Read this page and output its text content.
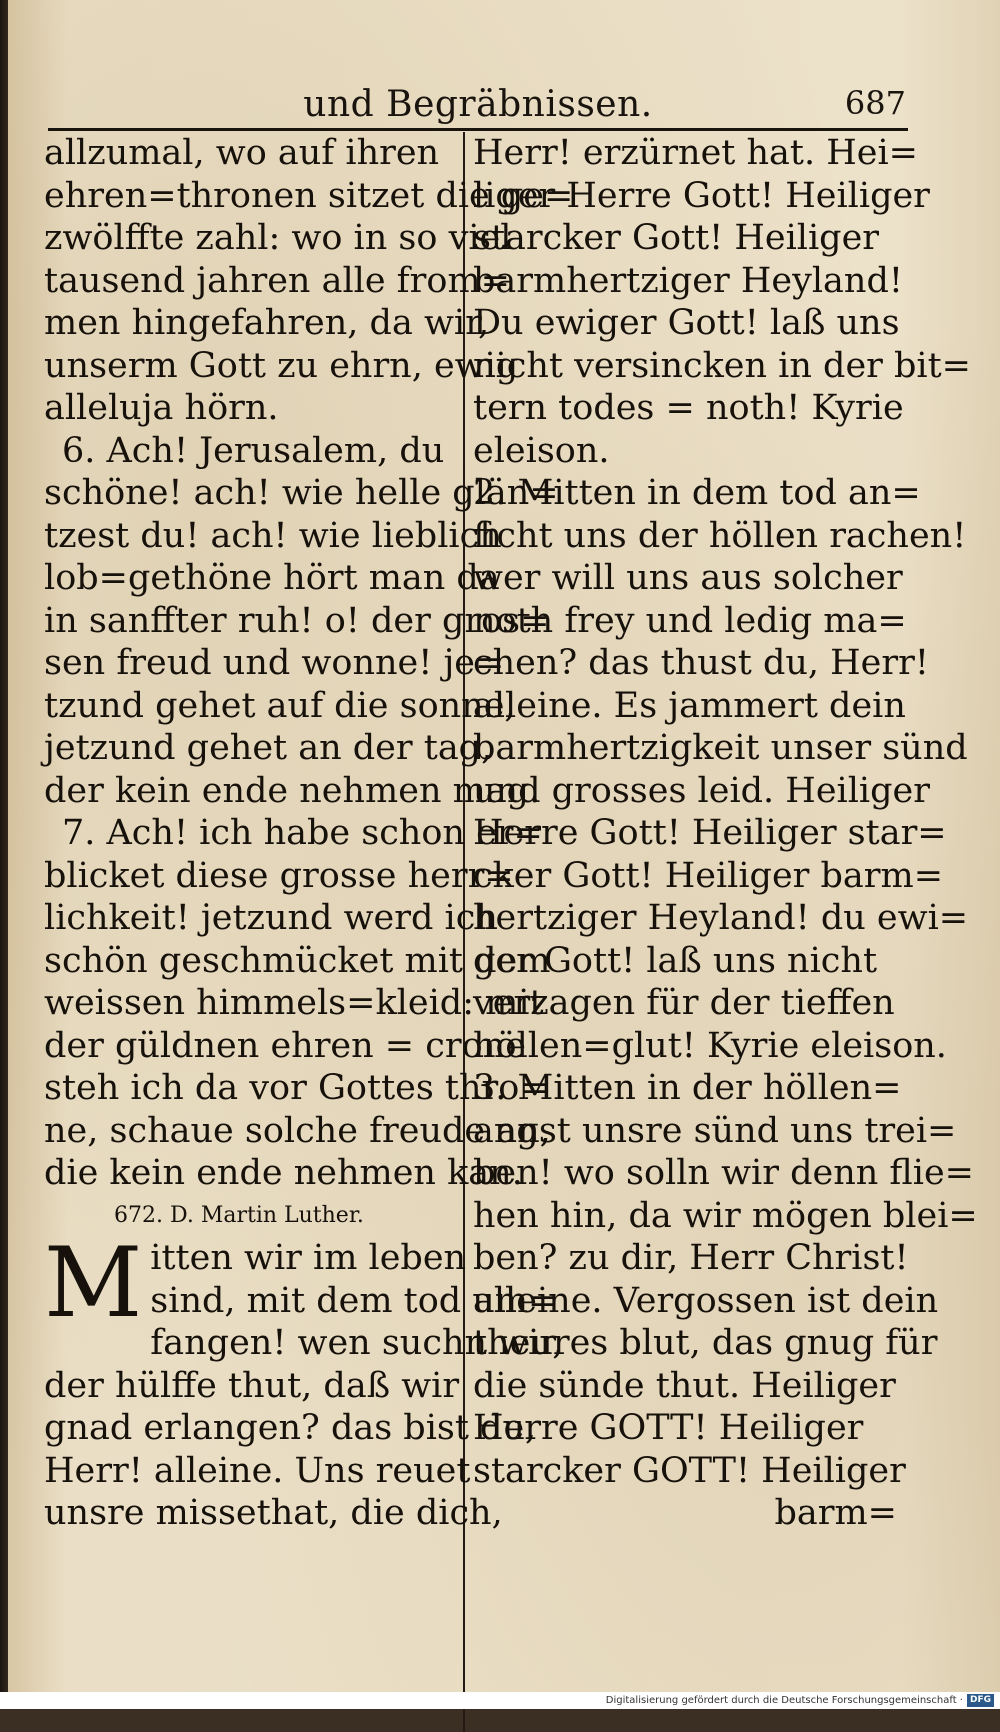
und Begräbnissen.	687
allzumal, wo auf ihren
ehren=thronen sitzet die ge=
zwölffte zahl: wo in so viel
tausend jahren alle from=
men hingefahren, da wir,
unserm Gott zu ehrn, ewig
alleluja hörn.
6. Ach! Jerusalem, du
schöne! ach! wie helle glän=
tzest du! ach! wie lieblich
lob=gethöne hört man da
in sanffter ruh! o! der gros=
sen freud und wonne! je=
tzund gehet auf die sonne,
jetzund gehet an der tag,
der kein ende nehmen mag.
7. Ach! ich habe schon er=
blicket diese grosse herr=
lichkeit! jetzund werd ich
schön geschmücket mit dem
weissen himmels=kleid: mit
der güldnen ehren = crone
steh ich da vor Gottes thro=
ne, schaue solche freude an,
die kein ende nehmen kan.
672. D. Martin Luther.
M itten wir im leben
sind, mit dem tod um=
fangen! wen suchn wir,
der hülffe thut, daß wir
gnad erlangen? das bist du,
Herr! alleine. Uns reuet
unsre missethat, die dich,
Herr! erzürnet hat. Hei=
liger Herre Gott! Heiliger
starcker Gott! Heiliger
barmhertziger Heyland!
Du ewiger Gott! laß uns
nicht versincken in der bit=
tern todes = noth! Kyrie
eleison.
2. Mitten in dem tod an=
ficht uns der höllen rachen!
wer will uns aus solcher
noth frey und ledig ma=
chen? das thust du, Herr!
alleine. Es jammert dein
barmhertzigkeit unser sünd
und grosses leid. Heiliger
Herre Gott! Heiliger star=
cker Gott! Heiliger barm=
hertziger Heyland! du ewi=
ger Gott! laß uns nicht
verzagen für der tieffen
höllen=glut! Kyrie eleison.
3. Mitten in der höllen=
angst unsre sünd uns trei=
ben! wo solln wir denn flie=
hen hin, da wir mögen blei=
ben? zu dir, Herr Christ!
alleine. Vergossen ist dein
theures blut, das gnug für
die sünde thut. Heiliger
Herre GOTT! Heiliger
starcker GOTT! Heiliger
barm=
Digitalisierung gefördert durch die Deutsche Forschungsgemeinschaft · DFG
